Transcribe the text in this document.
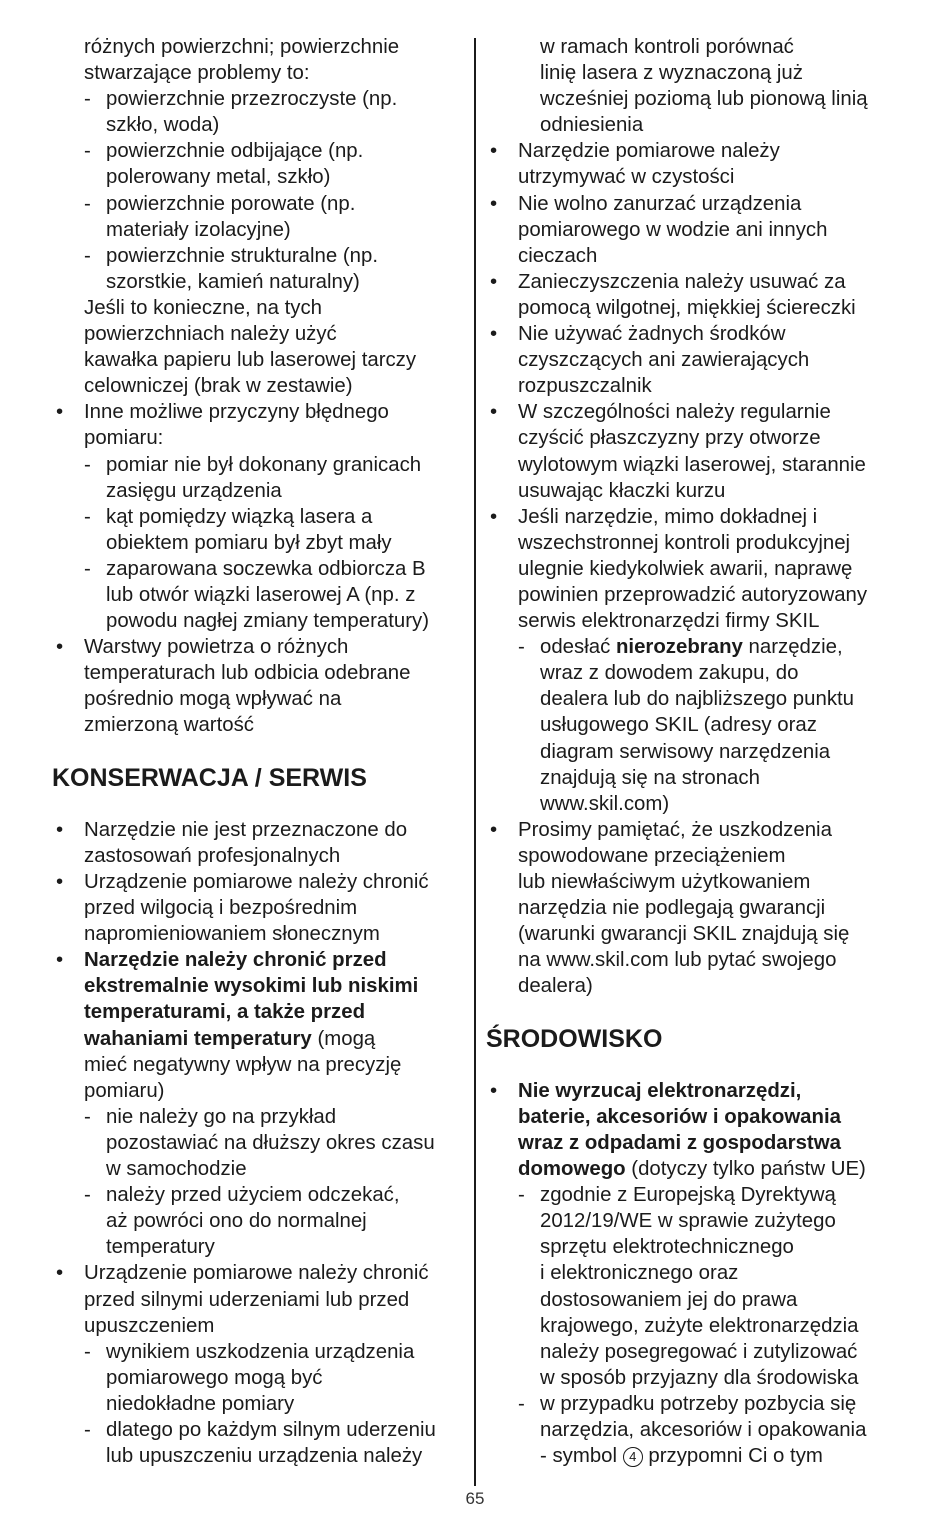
różnych powierzchni; powierzchnie
stwarzające problemy to:
- powierzchnie przezroczyste (np.
szkło, woda)
- powierzchnie odbijające (np.
polerowany metal, szkło)
- powierzchnie porowate (np.
materiały izolacyjne)
- powierzchnie strukturalne (np.
szorstkie, kamień naturalny)
Jeśli to konieczne, na tych
powierzchniach należy użyć
kawałka papieru lub laserowej tarczy
celowniczej (brak w zestawie)
• Inne możliwe przyczyny błędnego
pomiaru:
- pomiar nie był dokonany granicach
zasięgu urządzenia
- kąt pomiędzy wiązką lasera a
obiektem pomiaru był zbyt mały
- zaparowana soczewka odbiorcza B
lub otwór wiązki laserowej A (np. z
powodu nagłej zmiany temperatury)
• Warstwy powietrza o różnych
temperaturach lub odbicia odebrane
pośrednio mogą wpływać na
zmierzoną wartość
KONSERWACJA / SERWIS
• Narzędzie nie jest przeznaczone do
zastosowań profesjonalnych
• Urządzenie pomiarowe należy chronić
przed wilgocią i bezpośrednim
napromieniowaniem słonecznym
• Narzędzie należy chronić przed
ekstremalnie wysokimi lub niskimi
temperaturami, a także przed
wahaniami temperatury (mogą
mieć negatywny wpływ na precyzję
pomiaru)
- nie należy go na przykład
pozostawiać na dłuższy okres czasu
w samochodzie
- należy przed użyciem odczekać,
aż powróci ono do normalnej
temperatury
• Urządzenie pomiarowe należy chronić
przed silnymi uderzeniami lub przed
upuszczeniem
- wynikiem uszkodzenia urządzenia
pomiarowego mogą być
niedokładne pomiary
- dlatego po każdym silnym uderzeniu
lub upuszczeniu urządzenia należy
w ramach kontroli porównać
linię lasera z wyznaczoną już
wcześniej poziomą lub pionową linią
odniesienia
• Narzędzie pomiarowe należy
utrzymywać w czystości
• Nie wolno zanurzać urządzenia
pomiarowego w wodzie ani innych
cieczach
• Zanieczyszczenia należy usuwać za
pomocą wilgotnej, miękkiej ściereczki
• Nie używać żadnych środków
czyszczących ani zawierających
rozpuszczalnik
• W szczególności należy regularnie
czyścić płaszczyzny przy otworze
wylotowym wiązki laserowej, starannie
usuwając kłaczki kurzu
• Jeśli narzędzie, mimo dokładnej i
wszechstronnej kontroli produkcyjnej
ulegnie kiedykolwiek awarii, naprawę
powinien przeprowadzić autoryzowany
serwis elektronarzędzi firmy SKIL
- odesłać nierozebrany narzędzie,
wraz z dowodem zakupu, do
dealera lub do najbliższego punktu
usługowego SKIL (adresy oraz
diagram serwisowy narzędzenia
znajdują się na stronach
www.skil.com)
• Prosimy pamiętać, że uszkodzenia
spowodowane przeciążeniem
lub niewłaściwym użytkowaniem
narzędzia nie podlegają gwarancji
(warunki gwarancji SKIL znajdują się
na www.skil.com lub pytać swojego
dealera)
ŚRODOWISKO
• Nie wyrzucaj elektronarzędzi,
baterie, akcesoriów i opakowania
wraz z odpadami z gospodarstwa
domowego (dotyczy tylko państw UE)
- zgodnie z Europejską Dyrektywą
2012/19/WE w sprawie zużytego
sprzętu elektrotechnicznego
i elektronicznego oraz
dostosowaniem jej do prawa
krajowego, zużyte elektronarzędzia
należy posegregować i zutylizować
w sposób przyjazny dla środowiska
- w przypadku potrzeby pozbycia się
narzędzia, akcesoriów i opakowania
- symbol 4 przypomni Ci o tym
65
